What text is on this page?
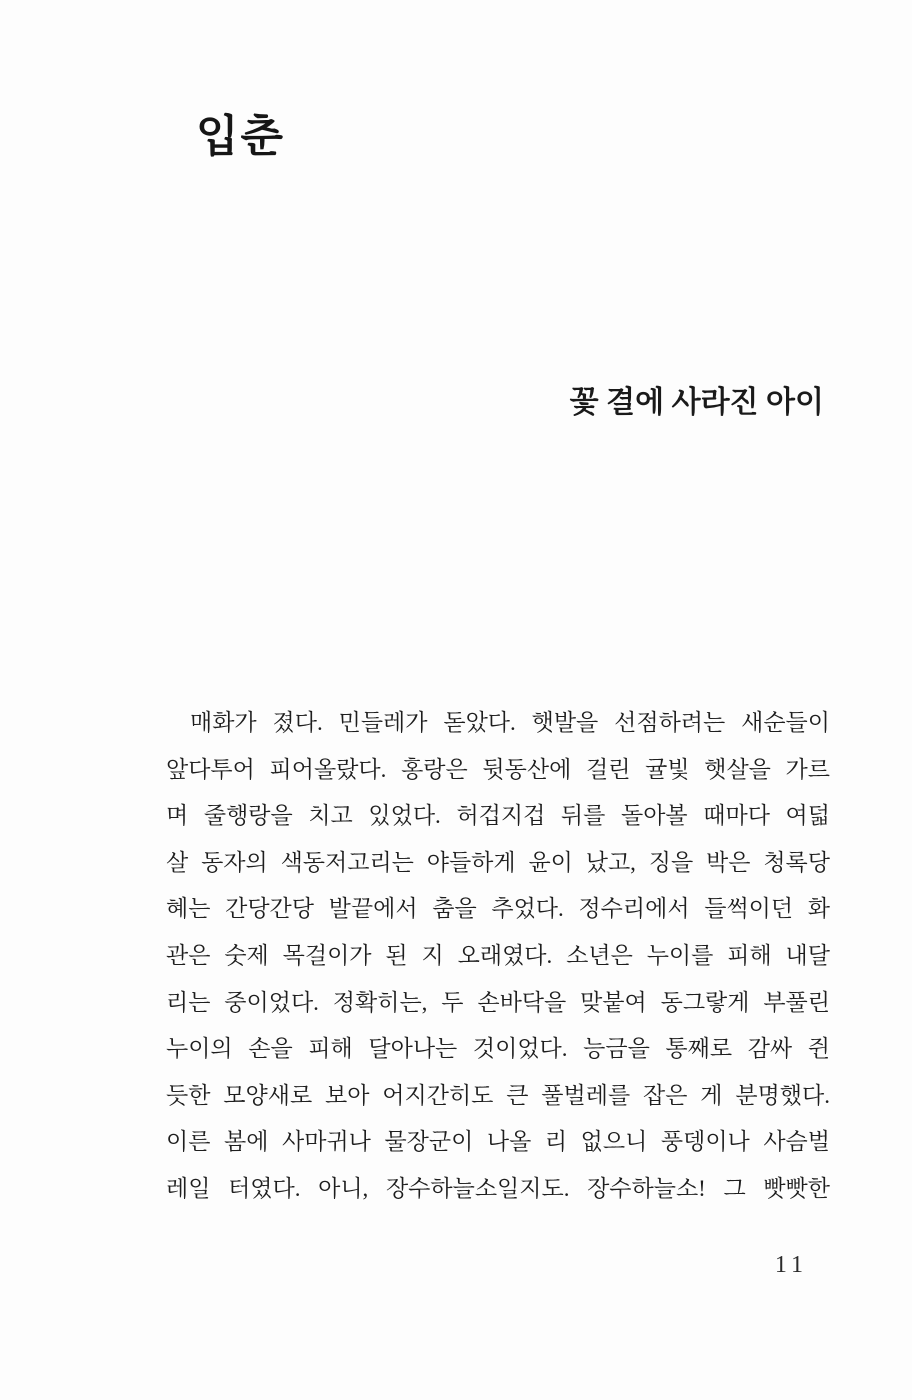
입춘
꽃 결에 사라진 아이
매화가 졌다. 민들레가 돋았다. 햇발을 선점하려는 새순들이
앞다투어 피어올랐다. 홍랑은 뒷동산에 걸린 귤빛 햇살을 가르
며 줄행랑을 치고 있었다. 허겁지겁 뒤를 돌아볼 때마다 여덟
살 동자의 색동저고리는 야들하게 윤이 났고, 징을 박은 청록당
혜는 간당간당 발끝에서 춤을 추었다. 정수리에서 들썩이던 화
관은 숫제 목걸이가 된 지 오래였다. 소년은 누이를 피해 내달
리는 중이었다. 정확히는, 두 손바닥을 맞붙여 동그랗게 부풀린
누이의 손을 피해 달아나는 것이었다. 능금을 통째로 감싸 쥔
듯한 모양새로 보아 어지간히도 큰 풀벌레를 잡은 게 분명했다.
이른 봄에 사마귀나 물장군이 나올 리 없으니 풍뎅이나 사슴벌
레일 터였다. 아니, 장수하늘소일지도. 장수하늘소! 그 빳빳한
11
